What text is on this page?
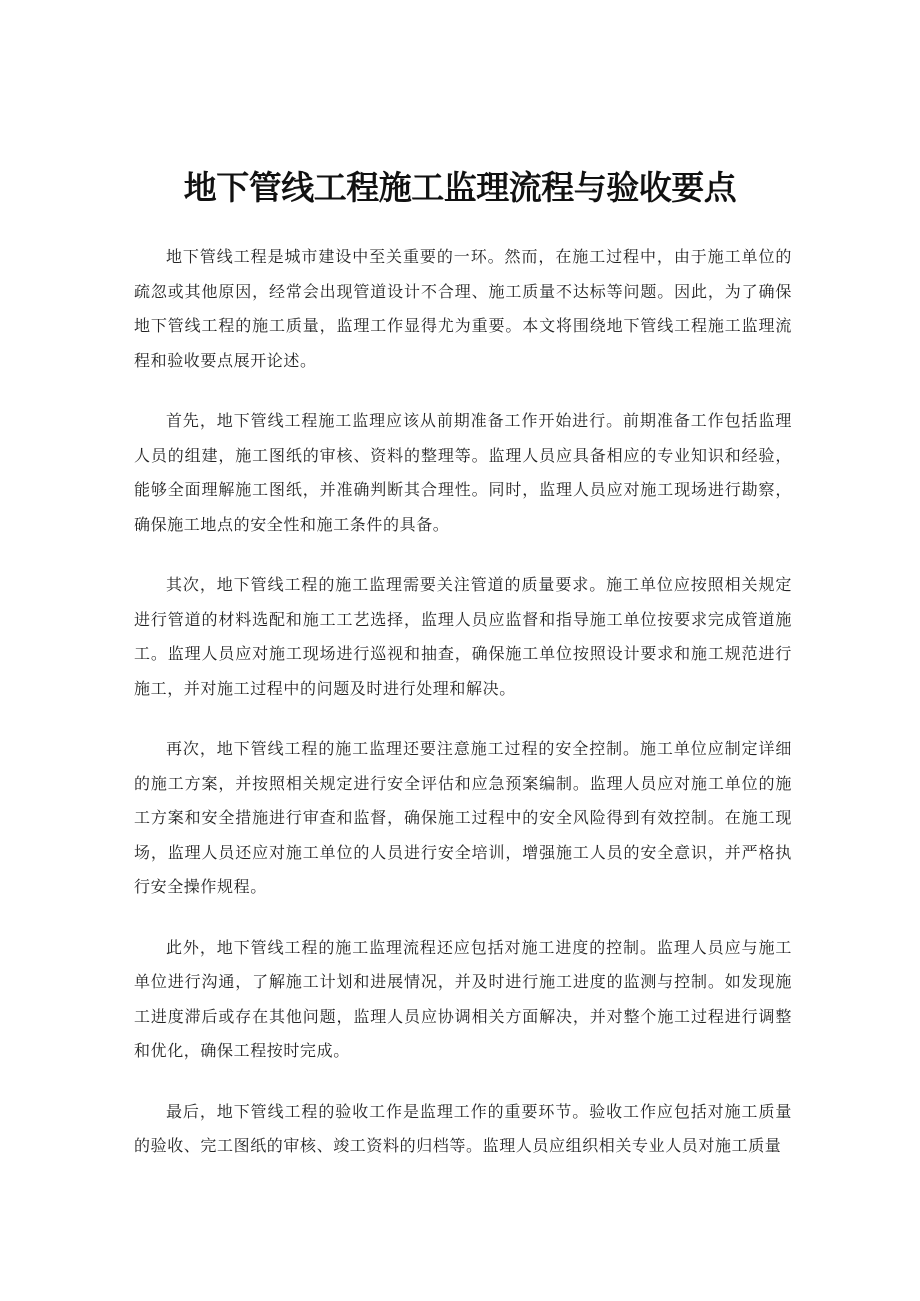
地下管线工程施工监理流程与验收要点

地下管线工程是城市建设中至关重要的一环。然而，在施工过程中，由于施工单位的疏忽或其他原因，经常会出现管道设计不合理、施工质量不达标等问题。因此，为了确保地下管线工程的施工质量，监理工作显得尤为重要。本文将围绕地下管线工程施工监理流程和验收要点展开论述。

首先，地下管线工程施工监理应该从前期准备工作开始进行。前期准备工作包括监理人员的组建，施工图纸的审核、资料的整理等。监理人员应具备相应的专业知识和经验，能够全面理解施工图纸，并准确判断其合理性。同时，监理人员应对施工现场进行勘察，确保施工地点的安全性和施工条件的具备。

其次，地下管线工程的施工监理需要关注管道的质量要求。施工单位应按照相关规定进行管道的材料选配和施工工艺选择，监理人员应监督和指导施工单位按要求完成管道施工。监理人员应对施工现场进行巡视和抽查，确保施工单位按照设计要求和施工规范进行施工，并对施工过程中的问题及时进行处理和解决。

再次，地下管线工程的施工监理还要注意施工过程的安全控制。施工单位应制定详细的施工方案，并按照相关规定进行安全评估和应急预案编制。监理人员应对施工单位的施工方案和安全措施进行审查和监督，确保施工过程中的安全风险得到有效控制。在施工现场，监理人员还应对施工单位的人员进行安全培训，增强施工人员的安全意识，并严格执行安全操作规程。

此外，地下管线工程的施工监理流程还应包括对施工进度的控制。监理人员应与施工单位进行沟通，了解施工计划和进展情况，并及时进行施工进度的监测与控制。如发现施工进度滞后或存在其他问题，监理人员应协调相关方面解决，并对整个施工过程进行调整和优化，确保工程按时完成。

最后，地下管线工程的验收工作是监理工作的重要环节。验收工作应包括对施工质量的验收、完工图纸的审核、竣工资料的归档等。监理人员应组织相关专业人员对施工质量
